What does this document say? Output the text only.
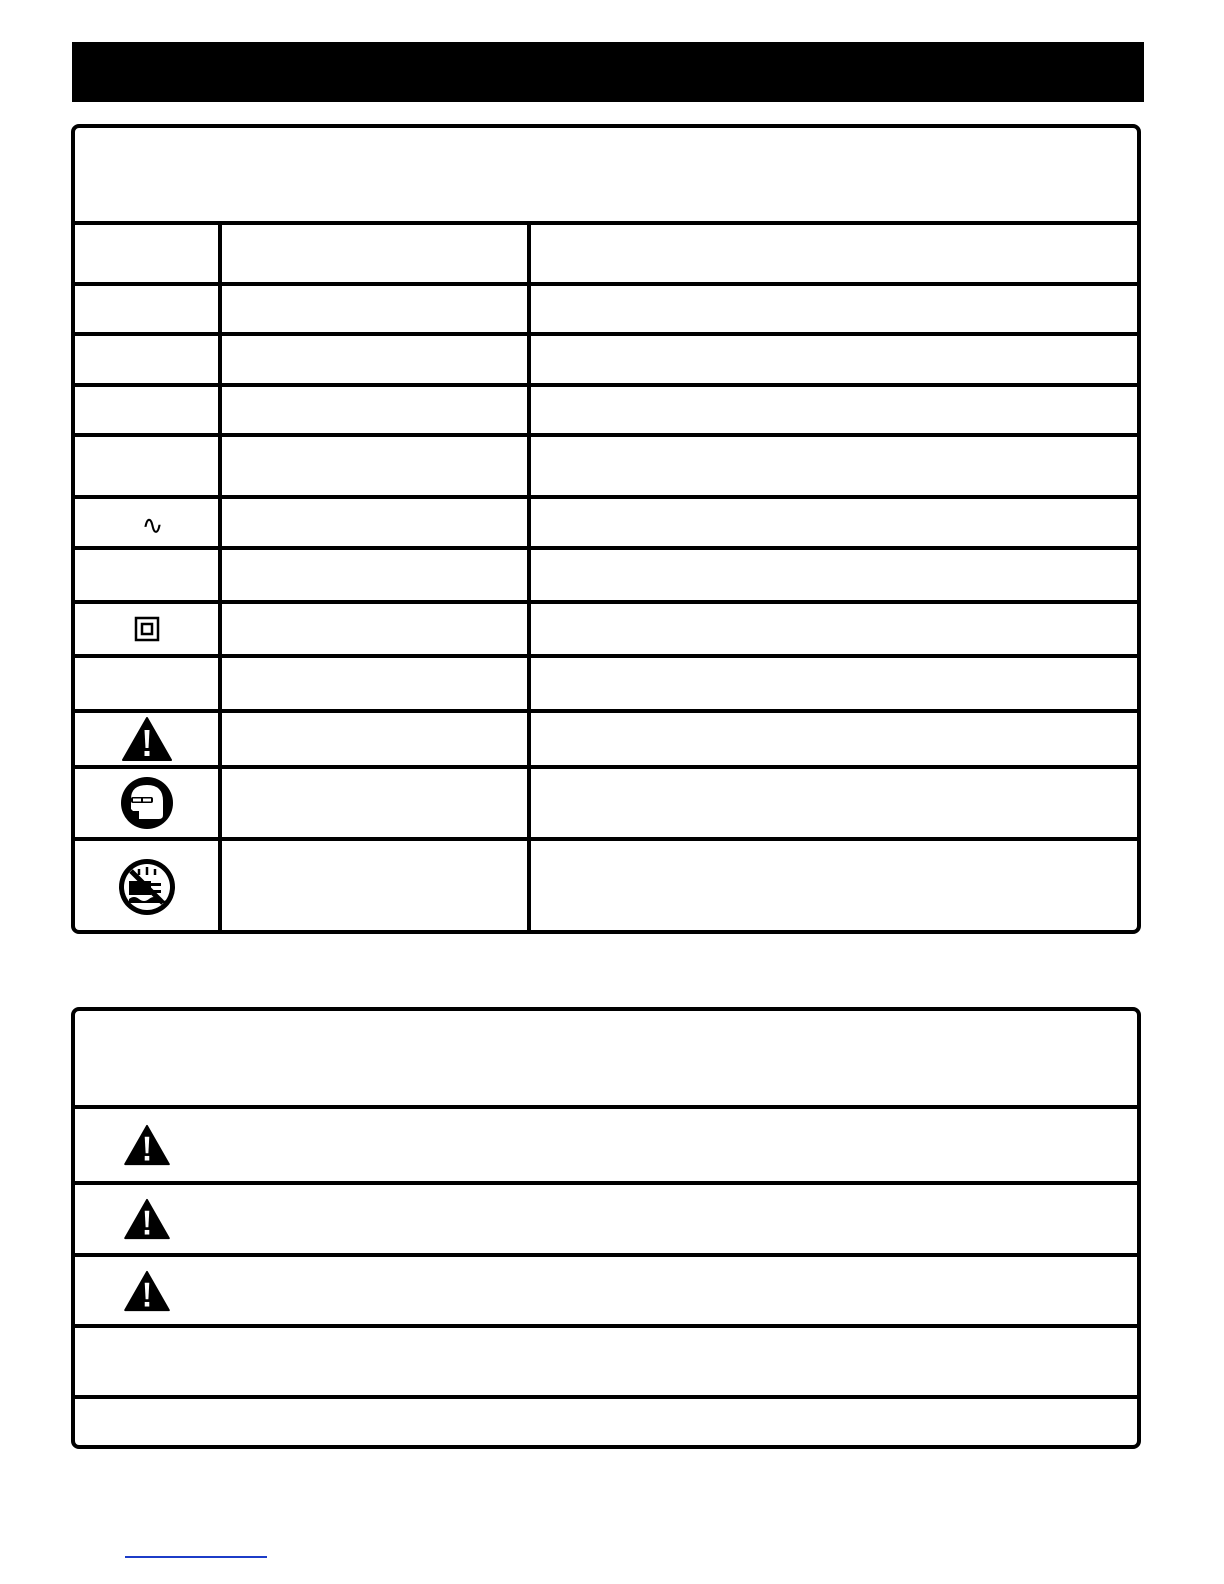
∿		
